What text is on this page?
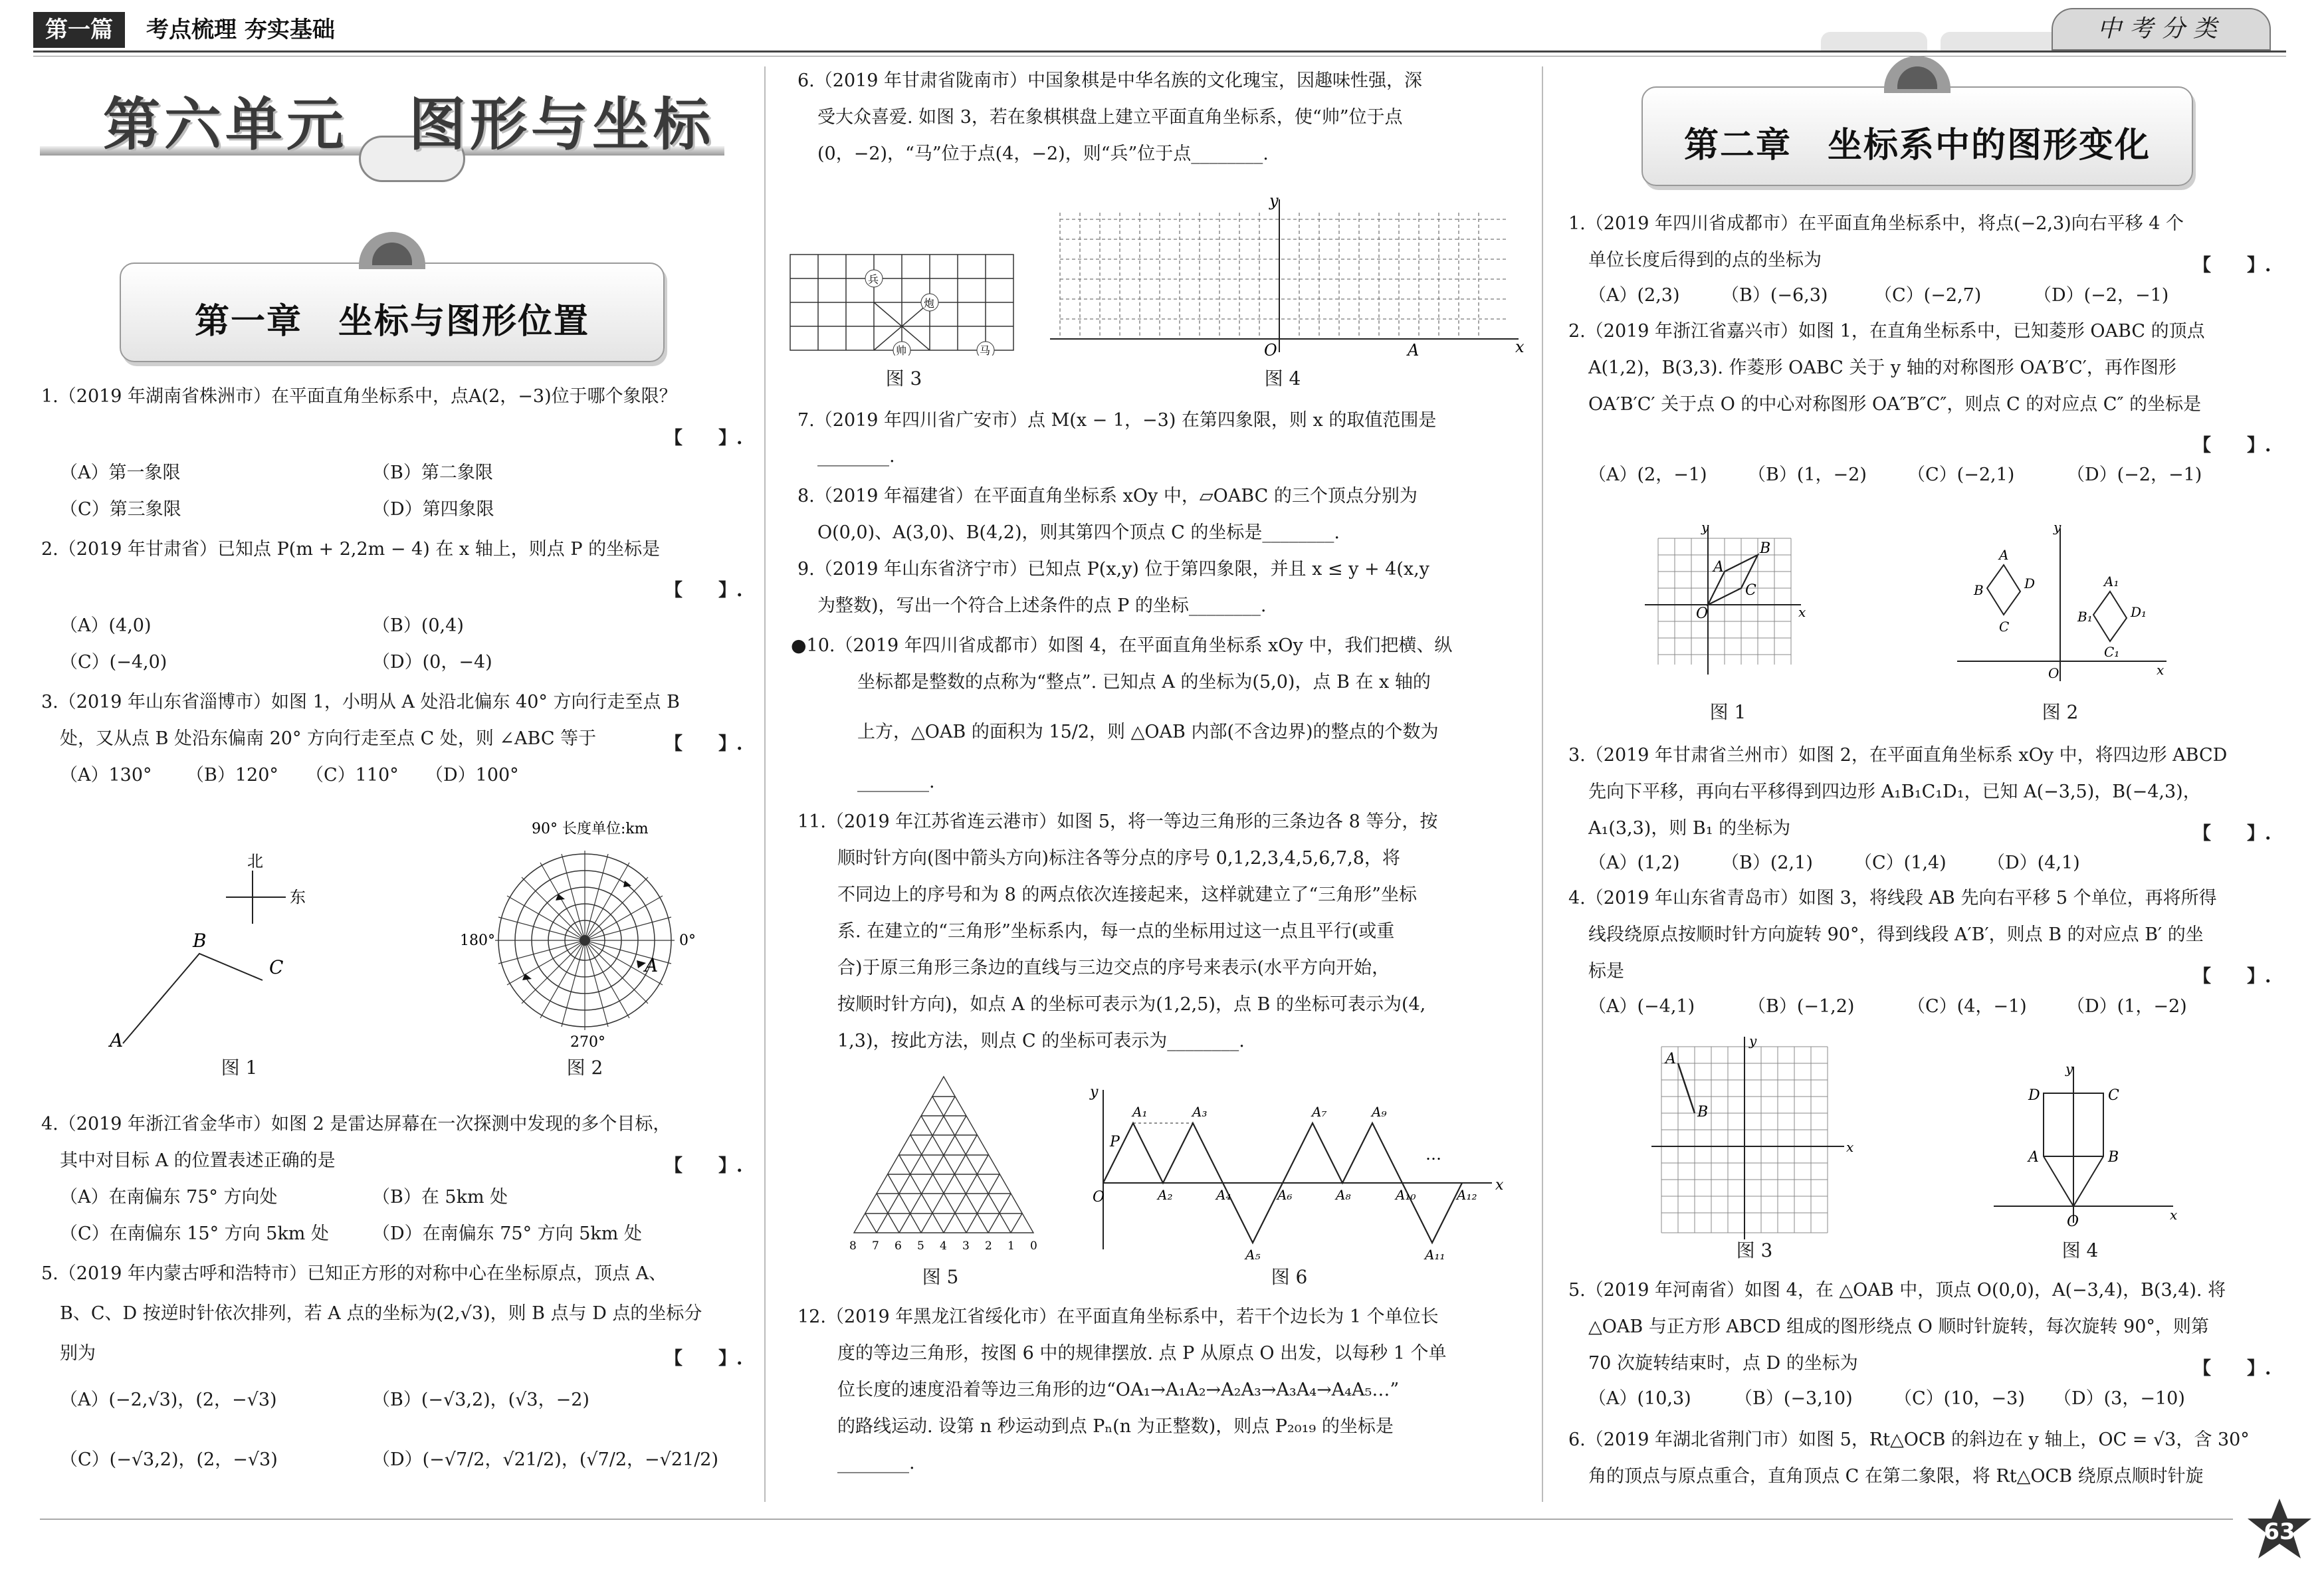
第一篇	考点梳理 夯实基础	中考分类
第六单元　图形与坐标
第一章　坐标与图形位置
1.（2019 年湖南省株洲市）在平面直角坐标系中，点A(2，−3)位于哪个象限？
【　　】.
（A）第一象限	（B）第二象限
（C）第三象限	（D）第四象限
2.（2019 年甘肃省）已知点 P(m + 2,2m − 4) 在 x 轴上，则点 P 的坐标是
【　　】.
（A）(4,0)	（B）(0,4)
（C）(−4,0)	（D）(0，−4)
3.（2019 年山东省淄博市）如图 1，小明从 A 处沿北偏东 40° 方向行走至点 B
处，又从点 B 处沿东偏南 20° 方向行走至点 C 处，则 ∠ABC 等于	【　　】.
（A）130° （B）120° （C）110° （D）100°
北
东
A
B
C
图 1
90° 长度单位:km
180°	0°
270°
A
图 2
4.（2019 年浙江省金华市）如图 2 是雷达屏幕在一次探测中发现的多个目标，
其中对目标 A 的位置表述正确的是	【　　】.
（A）在南偏东 75° 方向处	（B）在 5km 处
（C）在南偏东 15° 方向 5km 处 （D）在南偏东 75° 方向 5km 处
5.（2019 年内蒙古呼和浩特市）已知正方形的对称中心在坐标原点，顶点 A、
B、C、D 按逆时针依次排列，若 A 点的坐标为(2,√3)，则 B 点与 D 点的坐标分
别为	【　　】.
（A）(−2,√3)，(2，−√3)	（B）(−√3,2)，(√3，−2)
（C）(−√3,2)，(2，−√3)	（D）(−√7/2，√21/2)，(√7/2，−√21/2)
6.（2019 年甘肃省陇南市）中国象棋是中华名族的文化瑰宝，因趣味性强，深
受大众喜爱. 如图 3，若在象棋棋盘上建立平面直角坐标系，使“帅”位于点
(0，−2)，“马”位于点(4，−2)，则“兵”位于点________.
兵
炮
帅	马
图 3
y
x
O	A
图 4
7.（2019 年四川省广安市）点 M(x − 1，−3) 在第四象限，则 x 的取值范围是
________.
8.（2019 年福建省）在平面直角坐标系 xOy 中，▱OABC 的三个顶点分别为
O(0,0)、A(3,0)、B(4,2)，则其第四个顶点 C 的坐标是________.
9.（2019 年山东省济宁市）已知点 P(x,y) 位于第四象限，并且 x ≤ y + 4(x,y
为整数)，写出一个符合上述条件的点 P 的坐标________.
●10.（2019 年四川省成都市）如图 4，在平面直角坐标系 xOy 中，我们把横、纵
坐标都是整数的点称为“整点”. 已知点 A 的坐标为(5,0)，点 B 在 x 轴的
上方，△OAB 的面积为 15/2，则 △OAB 内部(不含边界)的整点的个数为
________.
11.（2019 年江苏省连云港市）如图 5，将一等边三角形的三条边各 8 等分，按
顺时针方向(图中箭头方向)标注各等分点的序号 0,1,2,3,4,5,6,7,8，将
不同边上的序号和为 8 的两点依次连接起来，这样就建立了“三角形”坐标
系. 在建立的“三角形”坐标系内，每一点的坐标用过这一点且平行(或重
合)于原三角形三条边的直线与三边交点的序号来表示(水平方向开始，
按顺时针方向)，如点 A 的坐标可表示为(1,2,5)，点 B 的坐标可表示为(4,
1,3)，按此方法，则点 C 的坐标可表示为________.
8 7 6 5 4 3 2 1 0
图 5
y
x
O
P
A₁
A₂
A₃
A₄
A₅
A₆
A₇
A₈
A₉
A₁₀
A₁₁
A₁₂
…
图 6
12.（2019 年黑龙江省绥化市）在平面直角坐标系中，若干个边长为 1 个单位长
度的等边三角形，按图 6 中的规律摆放. 点 P 从原点 O 出发，以每秒 1 个单
位长度的速度沿着等边三角形的边“OA₁→A₁A₂→A₂A₃→A₃A₄→A₄A₅…”
的路线运动. 设第 n 秒运动到点 Pₙ(n 为正整数)，则点 P₂₀₁₉ 的坐标是
________.
第二章　坐标系中的图形变化
1.（2019 年四川省成都市）在平面直角坐标系中，将点(−2,3)向右平移 4 个
单位长度后得到的点的坐标为	【　　】.
（A）(2,3) （B）(−6,3)	（C）(−2,7)	（D）(−2，−1)
2.（2019 年浙江省嘉兴市）如图 1，在直角坐标系中，已知菱形 OABC 的顶点
A(1,2)，B(3,3). 作菱形 OABC 关于 y 轴的对称图形 OA′B′C′，再作图形
OA′B′C′ 关于点 O 的中心对称图形 OA″B″C″，则点 C 的对应点 C″ 的坐标是
【　　】.
（A）(2，−1) （B）(1，−2) （C）(−2,1)	（D）(−2，−1)
y
x
O
A
B
C
图 1
y
x
O
A
B
C
D	A₁
B₁
C₁
D₁
图 2
3.（2019 年甘肃省兰州市）如图 2，在平面直角坐标系 xOy 中，将四边形 ABCD
先向下平移，再向右平移得到四边形 A₁B₁C₁D₁，已知 A(−3,5)，B(−4,3)，
A₁(3,3)，则 B₁ 的坐标为	【　　】.
（A）(1,2) （B）(2,1) （C）(1,4) （D）(4,1)
4.（2019 年山东省青岛市）如图 3，将线段 AB 先向右平移 5 个单位，再将所得
线段绕原点按顺时针方向旋转 90°，得到线段 A′B′，则点 B 的对应点 B′ 的坐
标是	【　　】.
（A）(−4,1)	（B）(−1,2)	（C）(4，−1) （D）(1，−2)
A
B
y
x
图 3
y
x
O
D	C
A	B
图 4
5.（2019 年河南省）如图 4，在 △OAB 中，顶点 O(0,0)，A(−3,4)，B(3,4). 将
△OAB 与正方形 ABCD 组成的图形绕点 O 顺时针旋转，每次旋转 90°，则第
70 次旋转结束时，点 D 的坐标为	【　　】.
（A）(10,3) （B）(−3,10) （C）(10，−3) （D）(3，−10)
6.（2019 年湖北省荆门市）如图 5，Rt△OCB 的斜边在 y 轴上，OC = √3，含 30°
角的顶点与原点重合，直角顶点 C 在第二象限，将 Rt△OCB 绕原点顺时针旋
63
